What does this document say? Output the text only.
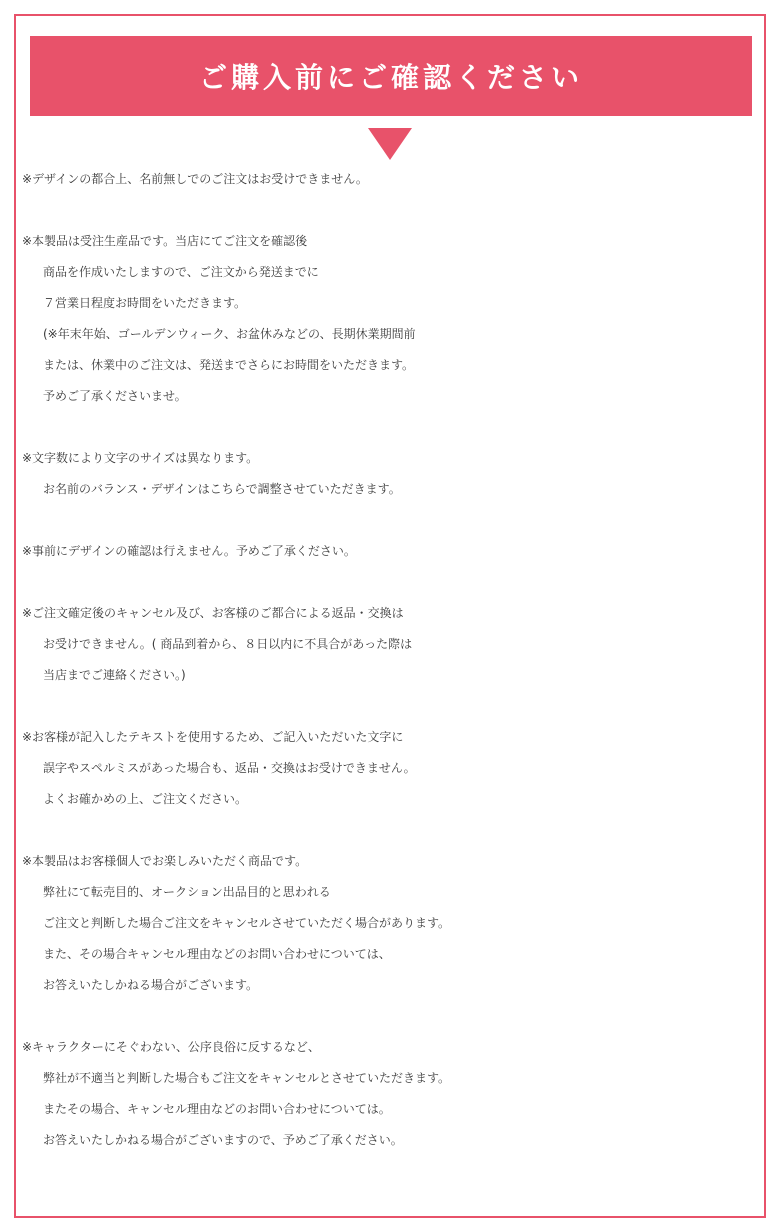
ご購入前にご確認ください
※デザインの都合上、名前無しでのご注文はお受けできません。
※本製品は受注生産品です。当店にてご注文を確認後
商品を作成いたしますので、ご注文から発送までに
７営業日程度お時間をいただきます。
(※年末年始、ゴールデンウィーク、お盆休みなどの、長期休業期間前
または、休業中のご注文は、発送までさらにお時間をいただきます。
予めご了承くださいませ。
※文字数により文字のサイズは異なります。
お名前のバランス・デザインはこちらで調整させていただきます。
※事前にデザインの確認は行えません。予めご了承ください。
※ご注文確定後のキャンセル及び、お客様のご都合による返品・交換は
お受けできません。( 商品到着から、８日以内に不具合があった際は
当店までご連絡ください。)
※お客様が記入したテキストを使用するため、ご記入いただいた文字に
誤字やスペルミスがあった場合も、返品・交換はお受けできません。
よくお確かめの上、ご注文ください。
※本製品はお客様個人でお楽しみいただく商品です。
弊社にて転売目的、オークション出品目的と思われる
ご注文と判断した場合ご注文をキャンセルさせていただく場合があります。
また、その場合キャンセル理由などのお問い合わせについては、
お答えいたしかねる場合がございます。
※キャラクターにそぐわない、公序良俗に反するなど、
弊社が不適当と判断した場合もご注文をキャンセルとさせていただきます。
またその場合、キャンセル理由などのお問い合わせについては。
お答えいたしかねる場合がございますので、予めご了承ください。
